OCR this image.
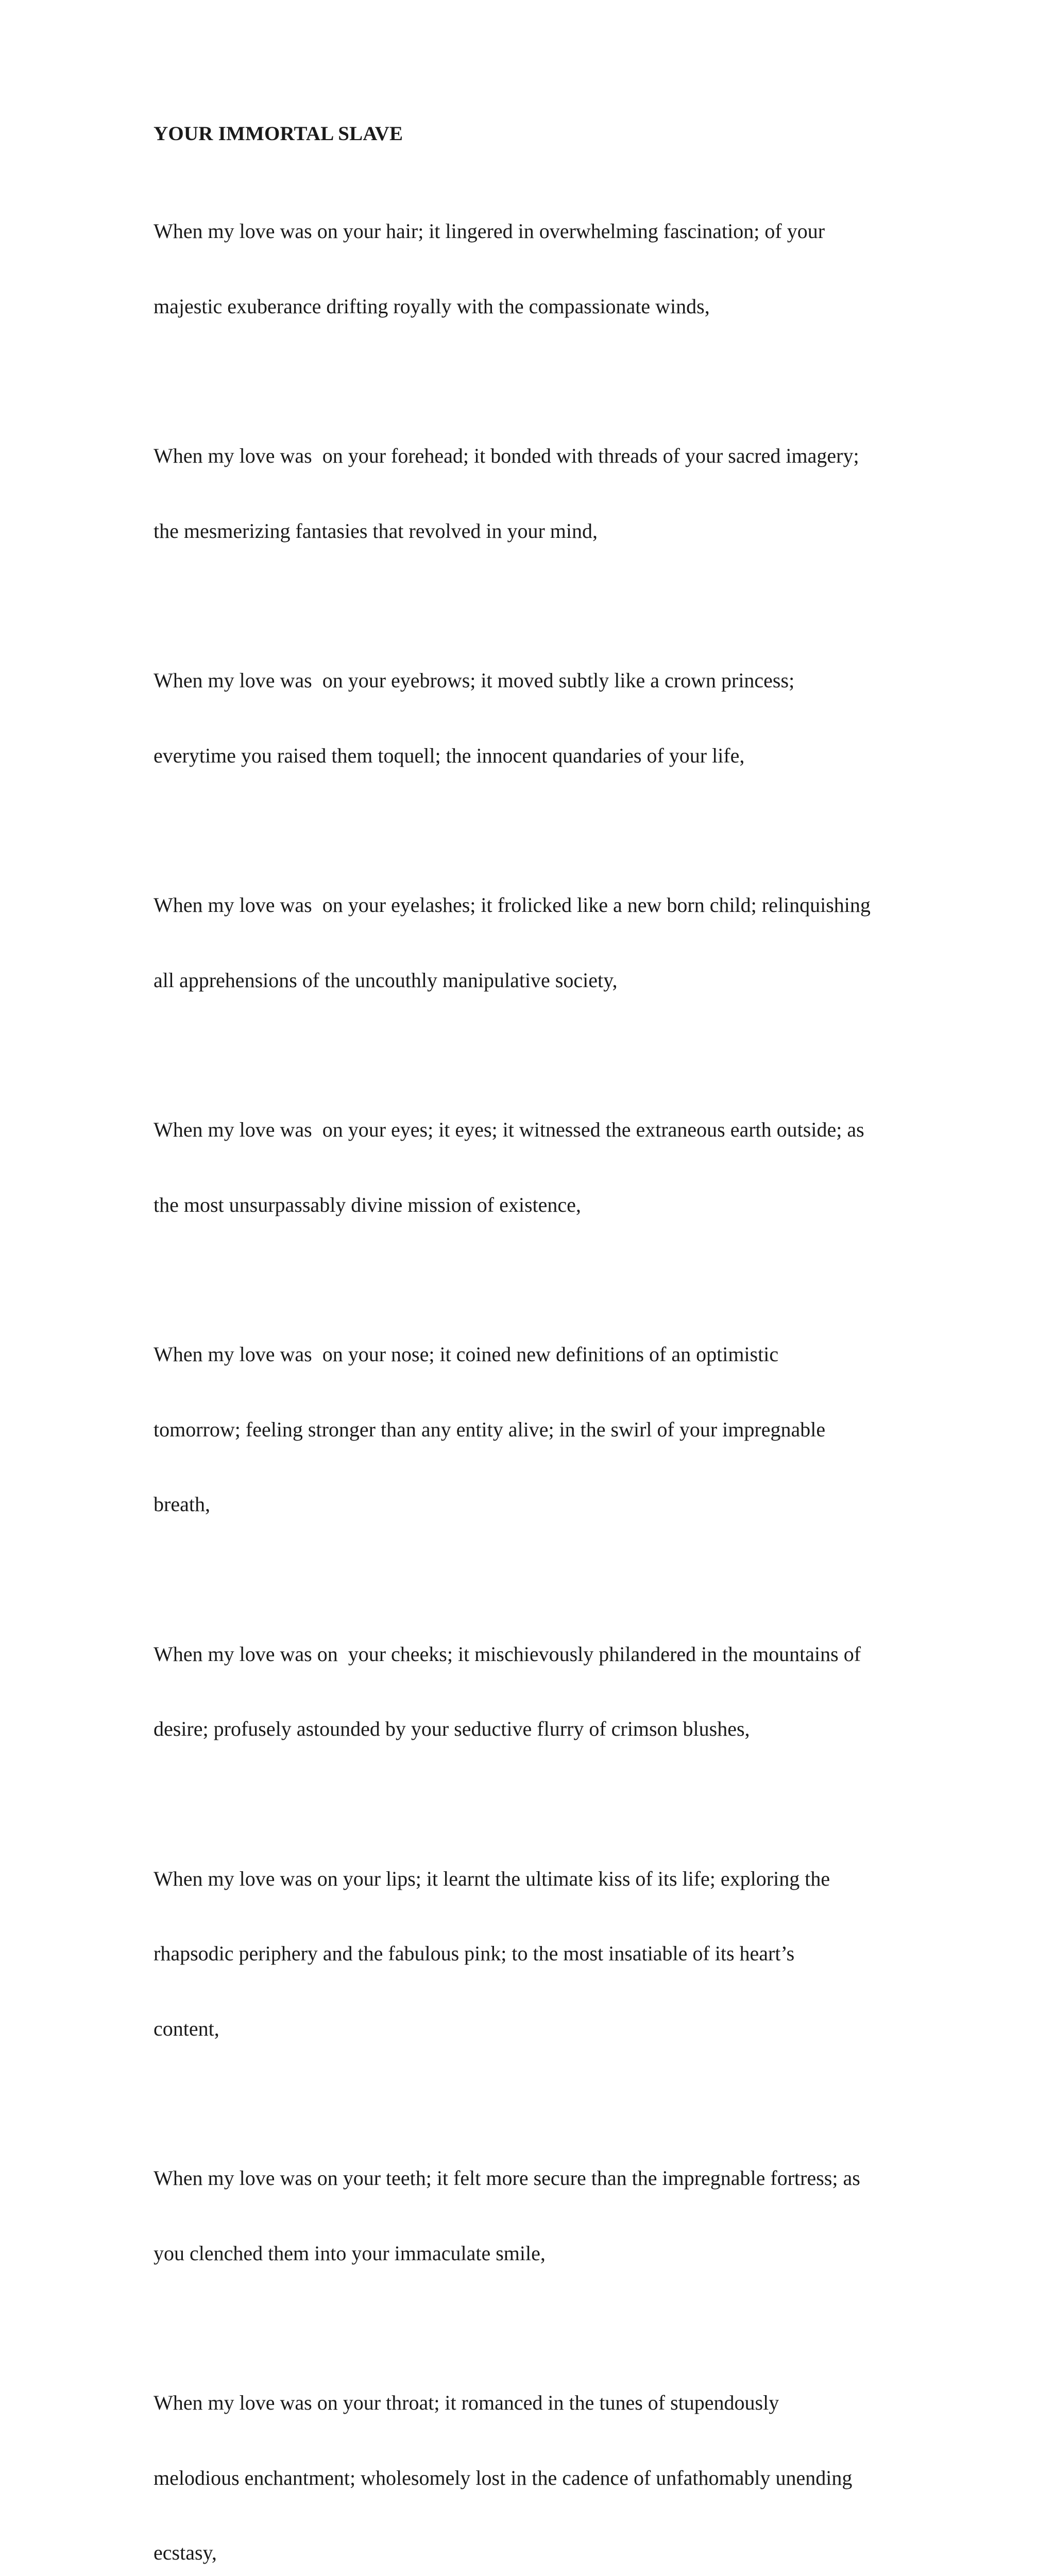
YOUR IMMORTAL SLAVE

When my love was on your hair; it lingered in overwhelming fascination; of your

majestic exuberance drifting royally with the compassionate winds,

When my love was  on your forehead; it bonded with threads of your sacred imagery;

the mesmerizing fantasies that revolved in your mind,

When my love was  on your eyebrows; it moved subtly like a crown princess;

everytime you raised them toquell; the innocent quandaries of your life,

When my love was  on your eyelashes; it frolicked like a new born child; relinquishing

all apprehensions of the uncouthly manipulative society,

When my love was  on your eyes; it eyes; it witnessed the extraneous earth outside; as

the most unsurpassably divine mission of existence,

When my love was  on your nose; it coined new definitions of an optimistic

tomorrow; feeling stronger than any entity alive; in the swirl of your impregnable

breath,

When my love was on  your cheeks; it mischievously philandered in the mountains of

desire; profusely astounded by your seductive flurry of crimson blushes,

When my love was on your lips; it learnt the ultimate kiss of its life; exploring the

rhapsodic periphery and the fabulous pink; to the most insatiable of its heart’s

content,

When my love was on your teeth; it felt more secure than the impregnable fortress; as

you clenched them into your immaculate smile,

When my love was on your throat; it romanced in the tunes of stupendously

melodious enchantment; wholesomely lost in the cadence of unfathomably unending

ecstasy,
